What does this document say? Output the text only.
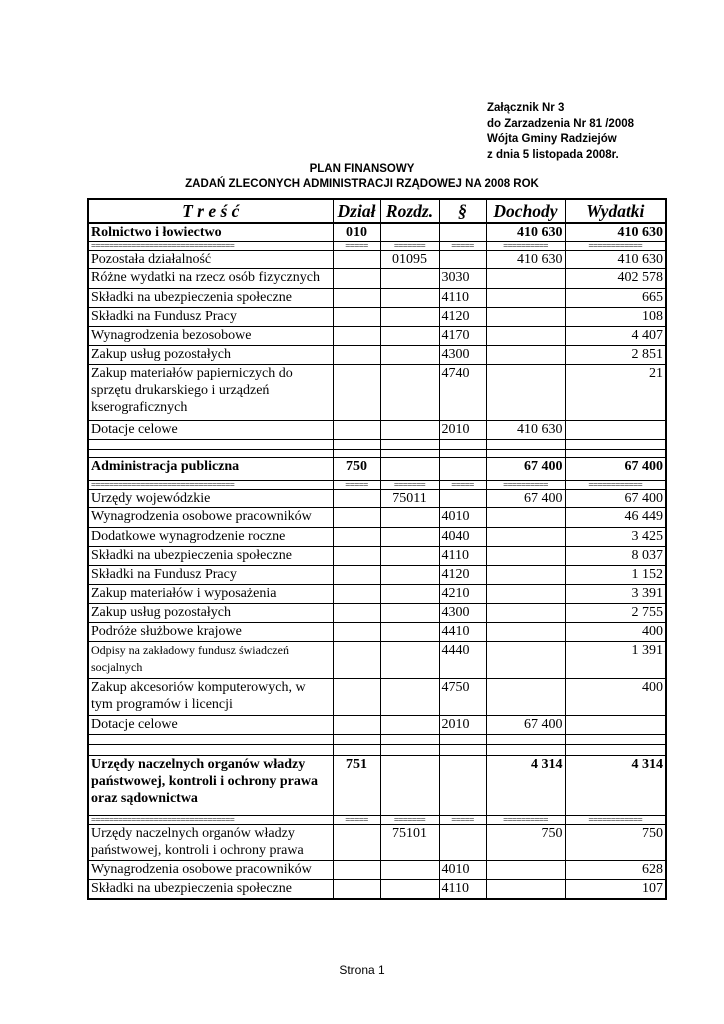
Załącznik Nr 3
do Zarzadzenia Nr 81 /2008
Wójta Gminy Radziejów
z dnia 5 listopada 2008r.
PLAN FINANSOWY
ZADAŃ ZLECONYCH ADMINISTRACJI RZĄDOWEJ NA 2008 ROK
T r e ś ć	Dział	Rozdz.	§	Dochody	Wydatki
Rolnictwo i łowiectwo	010			410 630	410 630
================================	=====	=======	=====	==========	============
Pozostała działalność		01095		410 630	410 630
Różne wydatki na rzecz osób fizycznych			3030		402 578
Składki na ubezpieczenia społeczne			4110		665
Składki na Fundusz Pracy			4120		108
Wynagrodzenia bezosobowe			4170		4 407
Zakup usług pozostałych			4300		2 851
Zakup materiałów papierniczych do sprzętu drukarskiego i urządzeń kserograficznych			4740		21
Dotacje celowe			2010	410 630	

Administracja publiczna	750			67 400	67 400
================================	=====	=======	=====	==========	============
Urzędy wojewódzkie		75011		67 400	67 400
Wynagrodzenia osobowe pracowników			4010		46 449
Dodatkowe wynagrodzenie roczne			4040		3 425
Składki na ubezpieczenia społeczne			4110		8 037
Składki na Fundusz Pracy			4120		1 152
Zakup materiałów i wyposażenia			4210		3 391
Zakup usług pozostałych			4300		2 755
Podróże służbowe krajowe			4410		400
Odpisy na zakładowy fundusz świadczeń socjalnych			4440		1 391
Zakup akcesoriów komputerowych, w tym programów i licencji			4750		400
Dotacje celowe			2010	67 400	

Urzędy naczelnych organów władzy państwowej, kontroli i ochrony prawa oraz sądownictwa	751			4 314	4 314
================================	=====	=======	=====	==========	============
Urzędy naczelnych organów władzy państwowej, kontroli i ochrony prawa		75101		750	750
Wynagrodzenia osobowe pracowników			4010		628
Składki na ubezpieczenia społeczne			4110		107
Strona 1
